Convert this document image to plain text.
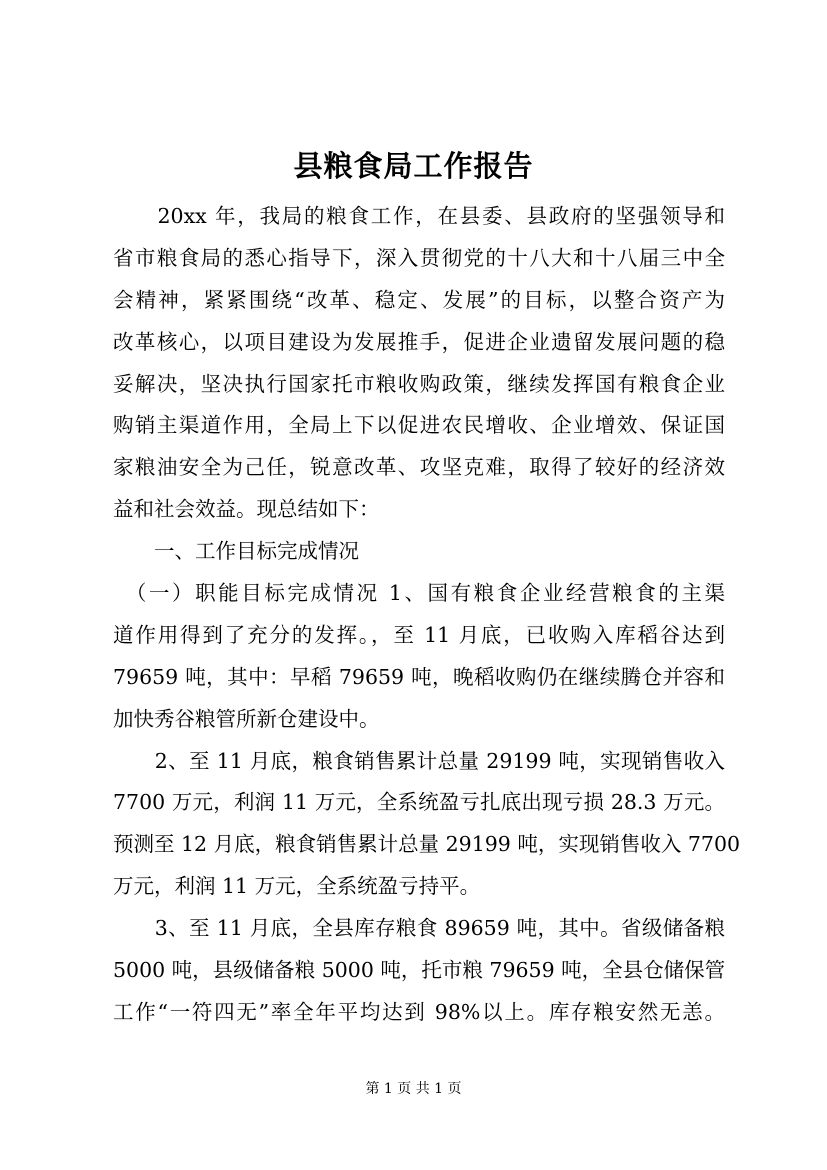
县粮食局工作报告
　　20xx 年，我局的粮食工作，在县委、县政府的坚强领导和
省市粮食局的悉心指导下，深入贯彻党的十八大和十八届三中全
会精神，紧紧围绕“改革、稳定、发展”的目标，以整合资产为
改革核心，以项目建设为发展推手，促进企业遗留发展问题的稳
妥解决，坚决执行国家托市粮收购政策，继续发挥国有粮食企业
购销主渠道作用，全局上下以促进农民增收、企业增效、保证国
家粮油安全为己任，锐意改革、攻坚克难，取得了较好的经济效
益和社会效益。现总结如下：
　　一、工作目标完成情况
　（一）职能目标完成情况 1、国有粮食企业经营粮食的主渠
道作用得到了充分的发挥。，至 11 月底，已收购入库稻谷达到
79659 吨，其中：早稻 79659 吨，晚稻收购仍在继续腾仓并容和
加快秀谷粮管所新仓建设中。
　　2、至 11 月底，粮食销售累计总量 29199 吨，实现销售收入
7700 万元，利润 11 万元，全系统盈亏扎底出现亏损 28.3 万元。
预测至 12 月底，粮食销售累计总量 29199 吨，实现销售收入 7700
万元，利润 11 万元，全系统盈亏持平。
　　3、至 11 月底，全县库存粮食 89659 吨，其中。省级储备粮
5000 吨，县级储备粮 5000 吨，托市粮 79659 吨，全县仓储保管
工作“一符四无”率全年平均达到 98%以上。库存粮安然无恙。
第 1 页 共 1 页
